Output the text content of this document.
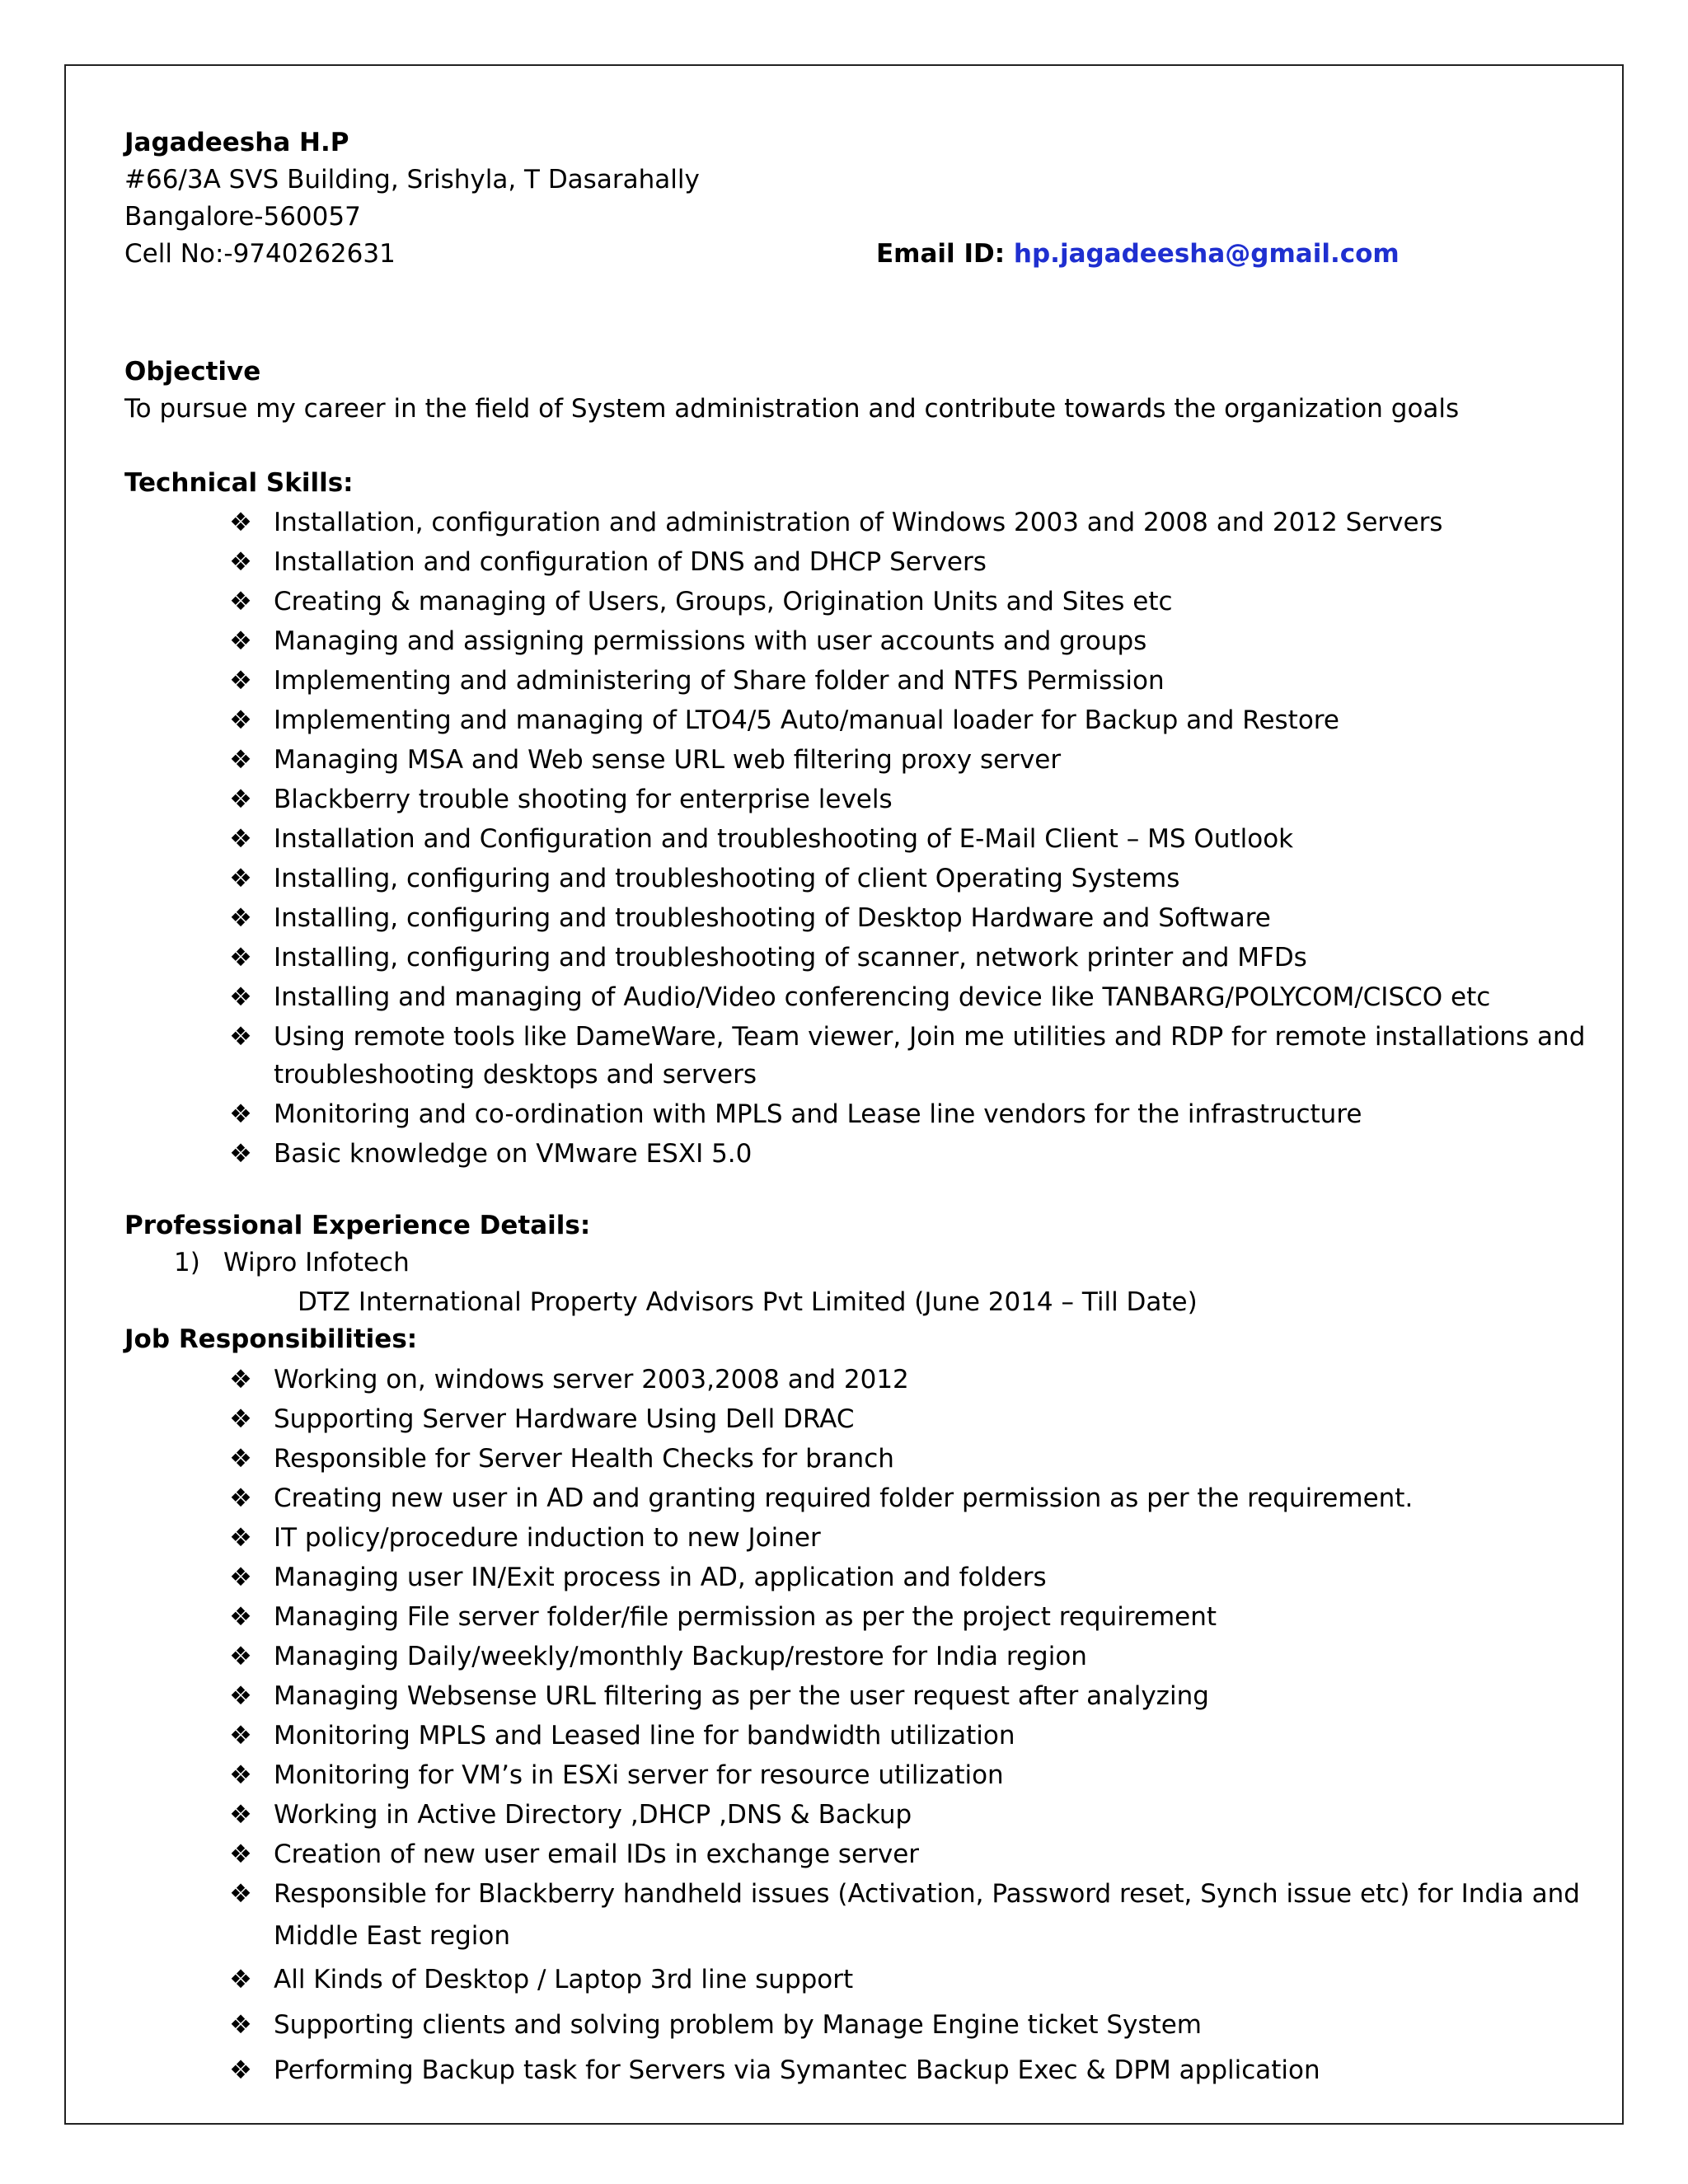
Jagadeesha H.P
#66/3A SVS Building, Srishyla, T Dasarahally
Bangalore-560057
Cell No:-9740262631	Email ID: hp.jagadeesha@gmail.com
Objective
To pursue my career in the field of System administration and contribute towards the organization goals
Technical Skills:
❖ Installation, configuration and administration of Windows 2003 and 2008 and 2012 Servers
❖ Installation and configuration of DNS and DHCP Servers
❖ Creating & managing of Users, Groups, Origination Units and Sites etc
❖ Managing and assigning permissions with user accounts and groups
❖ Implementing and administering of Share folder and NTFS Permission
❖ Implementing and managing of LTO4/5 Auto/manual loader for Backup and Restore
❖ Managing MSA and Web sense URL web filtering proxy server
❖ Blackberry trouble shooting for enterprise levels
❖ Installation and Configuration and troubleshooting of E-Mail Client – MS Outlook
❖ Installing, configuring and troubleshooting of client Operating Systems
❖ Installing, configuring and troubleshooting of Desktop Hardware and Software
❖ Installing, configuring and troubleshooting of scanner, network printer and MFDs
❖ Installing and managing of Audio/Video conferencing device like TANBARG/POLYCOM/CISCO etc
❖ Using remote tools like DameWare, Team viewer, Join me utilities and RDP for remote installations and
troubleshooting desktops and servers
❖ Monitoring and co-ordination with MPLS and Lease line vendors for the infrastructure
❖ Basic knowledge on VMware ESXI 5.0
Professional Experience Details:
1) Wipro Infotech
DTZ International Property Advisors Pvt Limited (June 2014 – Till Date)
Job Responsibilities:
❖ Working on, windows server 2003,2008 and 2012
❖ Supporting Server Hardware Using Dell DRAC
❖ Responsible for Server Health Checks for branch
❖ Creating new user in AD and granting required folder permission as per the requirement.
❖ IT policy/procedure induction to new Joiner
❖ Managing user IN/Exit process in AD, application and folders
❖ Managing File server folder/file permission as per the project requirement
❖ Managing Daily/weekly/monthly Backup/restore for India region
❖ Managing Websense URL filtering as per the user request after analyzing
❖ Monitoring MPLS and Leased line for bandwidth utilization
❖ Monitoring for VM’s in ESXi server for resource utilization
❖ Working in Active Directory ,DHCP ,DNS & Backup
❖ Creation of new user email IDs in exchange server
❖ Responsible for Blackberry handheld issues (Activation, Password reset, Synch issue etc) for India and
Middle East region
❖ All Kinds of Desktop / Laptop 3rd line support
❖ Supporting clients and solving problem by Manage Engine ticket System
❖ Performing Backup task for Servers via Symantec Backup Exec & DPM application
